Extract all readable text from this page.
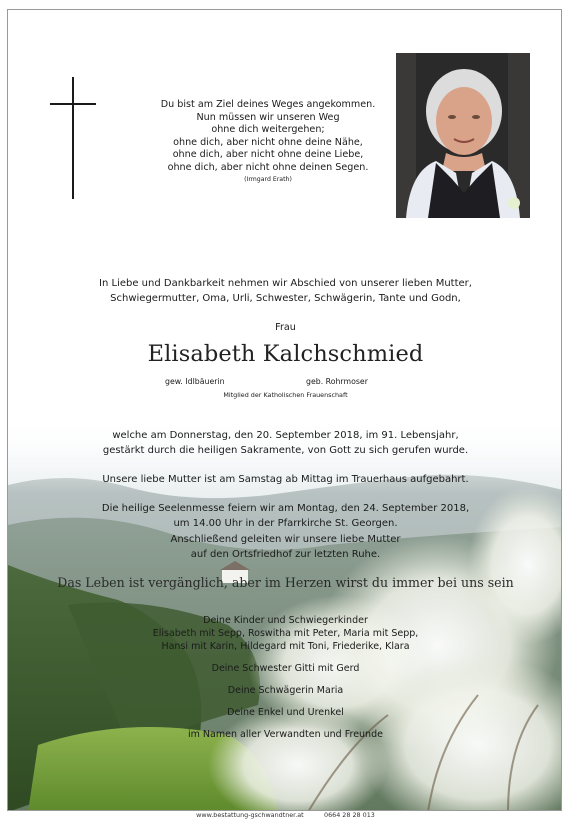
Du bist am Ziel deines Weges angekommen.
Nun müssen wir unseren Weg
ohne dich weitergehen;
ohne dich, aber nicht ohne deine Nähe,
ohne dich, aber nicht ohne deine Liebe,
ohne dich, aber nicht ohne deinen Segen.
(Irmgard Erath)
In Liebe und Dankbarkeit nehmen wir Abschied von unserer lieben Mutter,
Schwiegermutter, Oma, Urli, Schwester, Schwägerin, Tante und Godn,
Frau
Elisabeth Kalchschmied
gew. Idlbäuerin	geb. Rohrmoser
Mitglied der Katholischen Frauenschaft
welche am Donnerstag, den 20. September 2018, im 91. Lebensjahr,
gestärkt durch die heiligen Sakramente, von Gott zu sich gerufen wurde.
Unsere liebe Mutter ist am Samstag ab Mittag im Trauerhaus aufgebahrt.
Die heilige Seelenmesse feiern wir am Montag, den 24. September 2018,
um 14.00 Uhr in der Pfarrkirche St. Georgen.
Anschließend geleiten wir unsere liebe Mutter
auf den Ortsfriedhof zur letzten Ruhe.
Das Leben ist vergänglich, aber im Herzen wirst du immer bei uns sein
Deine Kinder und Schwiegerkinder
Elisabeth mit Sepp, Roswitha mit Peter, Maria mit Sepp,
Hansi mit Karin, Hildegard mit Toni, Friederike, Klara
Deine Schwester Gitti mit Gerd
Deine Schwägerin Maria
Deine Enkel und Urenkel
im Namen aller Verwandten und Freunde
www.bestattung-gschwandtner.at	0664 28 28 013
